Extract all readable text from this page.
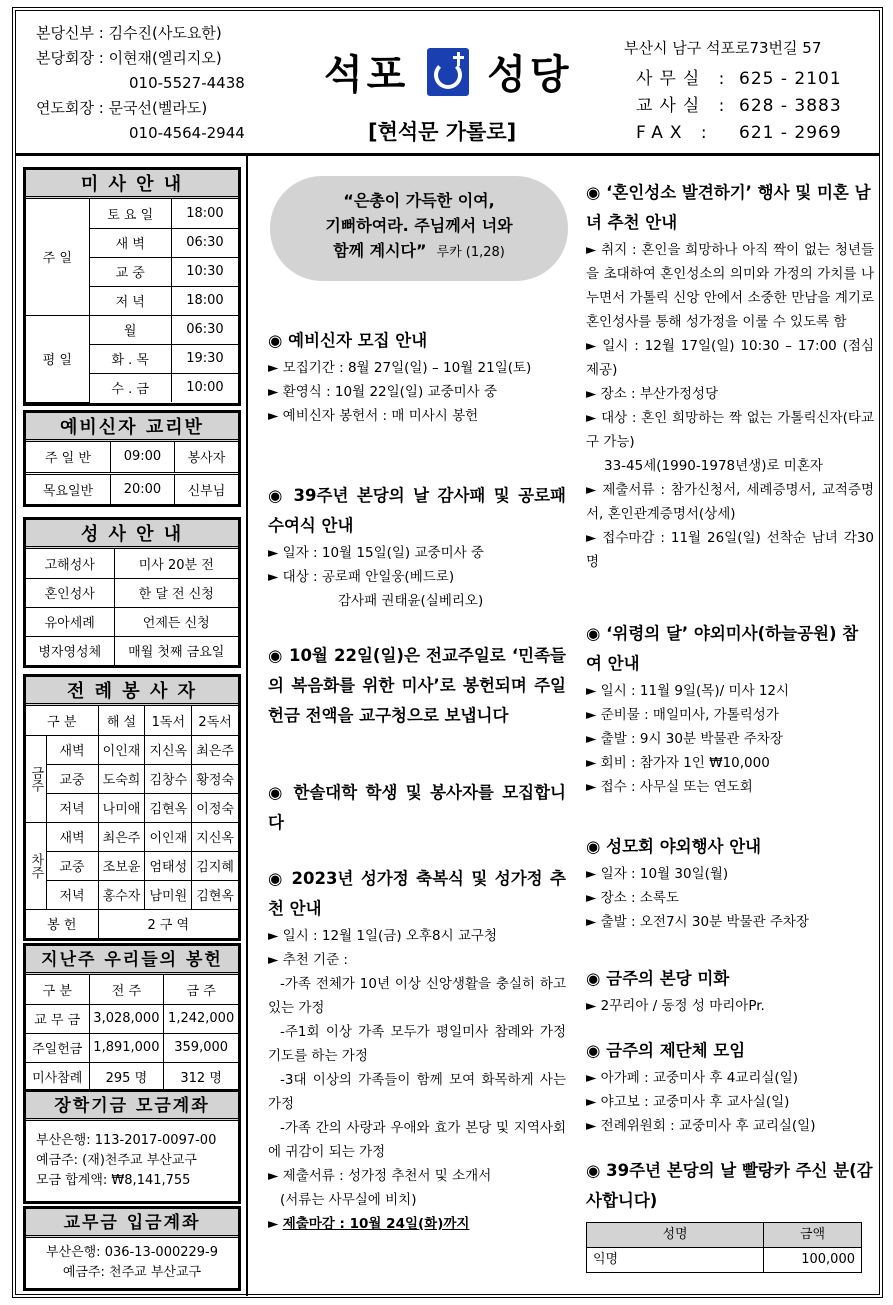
본당신부 : 김수진(사도요한)
본당회장 : 이현재(엘리지오)
010-5527-4438
연도회장 : 문국선(벨라도)
010-4564-2944
석포 성당
[현석문 가롤로]
부산시 남구 석포로73번길 57
사무실 : 625 - 2101
교사실 : 628 - 3883
FAX : 621 - 2969
미 사 안 내
주 일	토 요 일	18:00
	새 벽	06:30
	교 중	10:30
	저 녁	18:00
평 일	월	06:30
	화 . 목	19:30
	수 . 금	10:00
예비신자 교리반
주 일 반	09:00	봉사자
목요일반	20:00	신부님
성 사 안 내
고해성사	미사 20분 전
혼인성사	한 달 전 신청
유아세례	언제든 신청
병자영성체	매월 첫째 금요일
전 례 봉 사 자
구 분		해 설	1독서	2독서
금주	새벽	이인재	지신옥	최은주
	교중	도숙희	김창수	황정숙
	저녁	나미애	김현옥	이정숙
차주	새벽	최은주	이인재	지신옥
	교중	조보윤	엄태성	김지혜
	저녁	홍수자	남미원	김현옥
봉 헌		2 구 역		
지난주 우리들의 봉헌
구 분	전 주	금 주
교 무 금	3,028,000	1,242,000
주일헌금	1,891,000	359,000
미사참례	295 명	312 명
장학기금 모금계좌
부산은행: 113-2017-0097-00
예금주: (재)천주교 부산교구
모금 합계액: ₩8,141,755
교무금 입금계좌
부산은행: 036-13-000229-9
예금주: 천주교 부산교구
“은총이 가득한 이여,
기뻐하여라. 주님께서 너와
함께 계시다” 루카 (1,28)
◉ 예비신자 모집 안내

► 모집기간 : 8월 27일(일) – 10월 21일(토)

► 환영식 : 10월 22일(일) 교중미사 중

► 예비신자 봉헌서 : 매 미사시 봉헌

◉ 39주년 본당의 날 감사패 및 공로패 수여식 안내

► 일자 : 10월 15일(일) 교중미사 중

► 대상 : 공로패 안일웅(베드로)

감사패 권태윤(실베리오)

◉ 10월 22일(일)은 전교주일로 ‘민족들의 복음화를 위한 미사’로 봉헌되며 주일헌금 전액을 교구청으로 보냅니다
◉ 한솔대학 학생 및 봉사자를 모집합니다
◉ 2023년 성가정 축복식 및 성가정 추천 안내

► 일시 : 12월 1일(금) 오후8시 교구청

► 추천 기준 :

-가족 전체가 10년 이상 신앙생활을 충실히 하고 있는 가정

-주1회 이상 가족 모두가 평일미사 참례와 가정기도를 하는 가정

-3대 이상의 가족들이 함께 모여 화목하게 사는 가정

-가족 간의 사랑과 우애와 효가 본당 및 지역사회에 귀감이 되는 가정

► 제출서류 : 성가정 추천서 및 소개서

(서류는 사무실에 비치)

► 제출마감 : 10월 24일(화)까지

◉ ‘혼인성소 발견하기’ 행사 및 미혼 남녀 추천 안내

► 취지 : 혼인을 희망하나 아직 짝이 없는 청년들을 초대하여 혼인성소의 의미와 가정의 가치를 나누면서 가톨릭 신앙 안에서 소중한 만남을 계기로 혼인성사를 통해 성가정을 이룰 수 있도록 함

► 일시 : 12월 17일(일) 10:30 – 17:00 (점심 제공)

► 장소 : 부산가정성당

► 대상 : 혼인 희망하는 짝 없는 가톨릭신자(타교구 가능)

33-45세(1990-1978년생)로 미혼자

► 제출서류 : 참가신청서, 세례증명서, 교적증명서, 혼인관계증명서(상세)

► 접수마감 : 11월 26일(일) 선착순 남녀 각30명

◉ ‘위령의 달’ 야외미사(하늘공원) 참여 안내

► 일시 : 11월 9일(목)/ 미사 12시

► 준비물 : 매일미사, 가톨릭성가

► 출발 : 9시 30분 박물관 주차장

► 회비 : 참가자 1인 ₩10,000

► 접수 : 사무실 또는 연도회

◉ 성모회 야외행사 안내

► 일자 : 10월 30일(월)

► 장소 : 소록도

► 출발 : 오전7시 30분 박물관 주차장

◉ 금주의 본당 미화

► 2꾸리아 / 동정 성 마리아Pr.

◉ 금주의 제단체 모임

► 아가페 : 교중미사 후 4교리실(일)

► 야고보 : 교중미사 후 교사실(일)

► 전례위원회 : 교중미사 후 교리실(일)

◉ 39주년 본당의 날 빨랑카 주신 분(감사합니다)
성명	금액
익명	100,000
